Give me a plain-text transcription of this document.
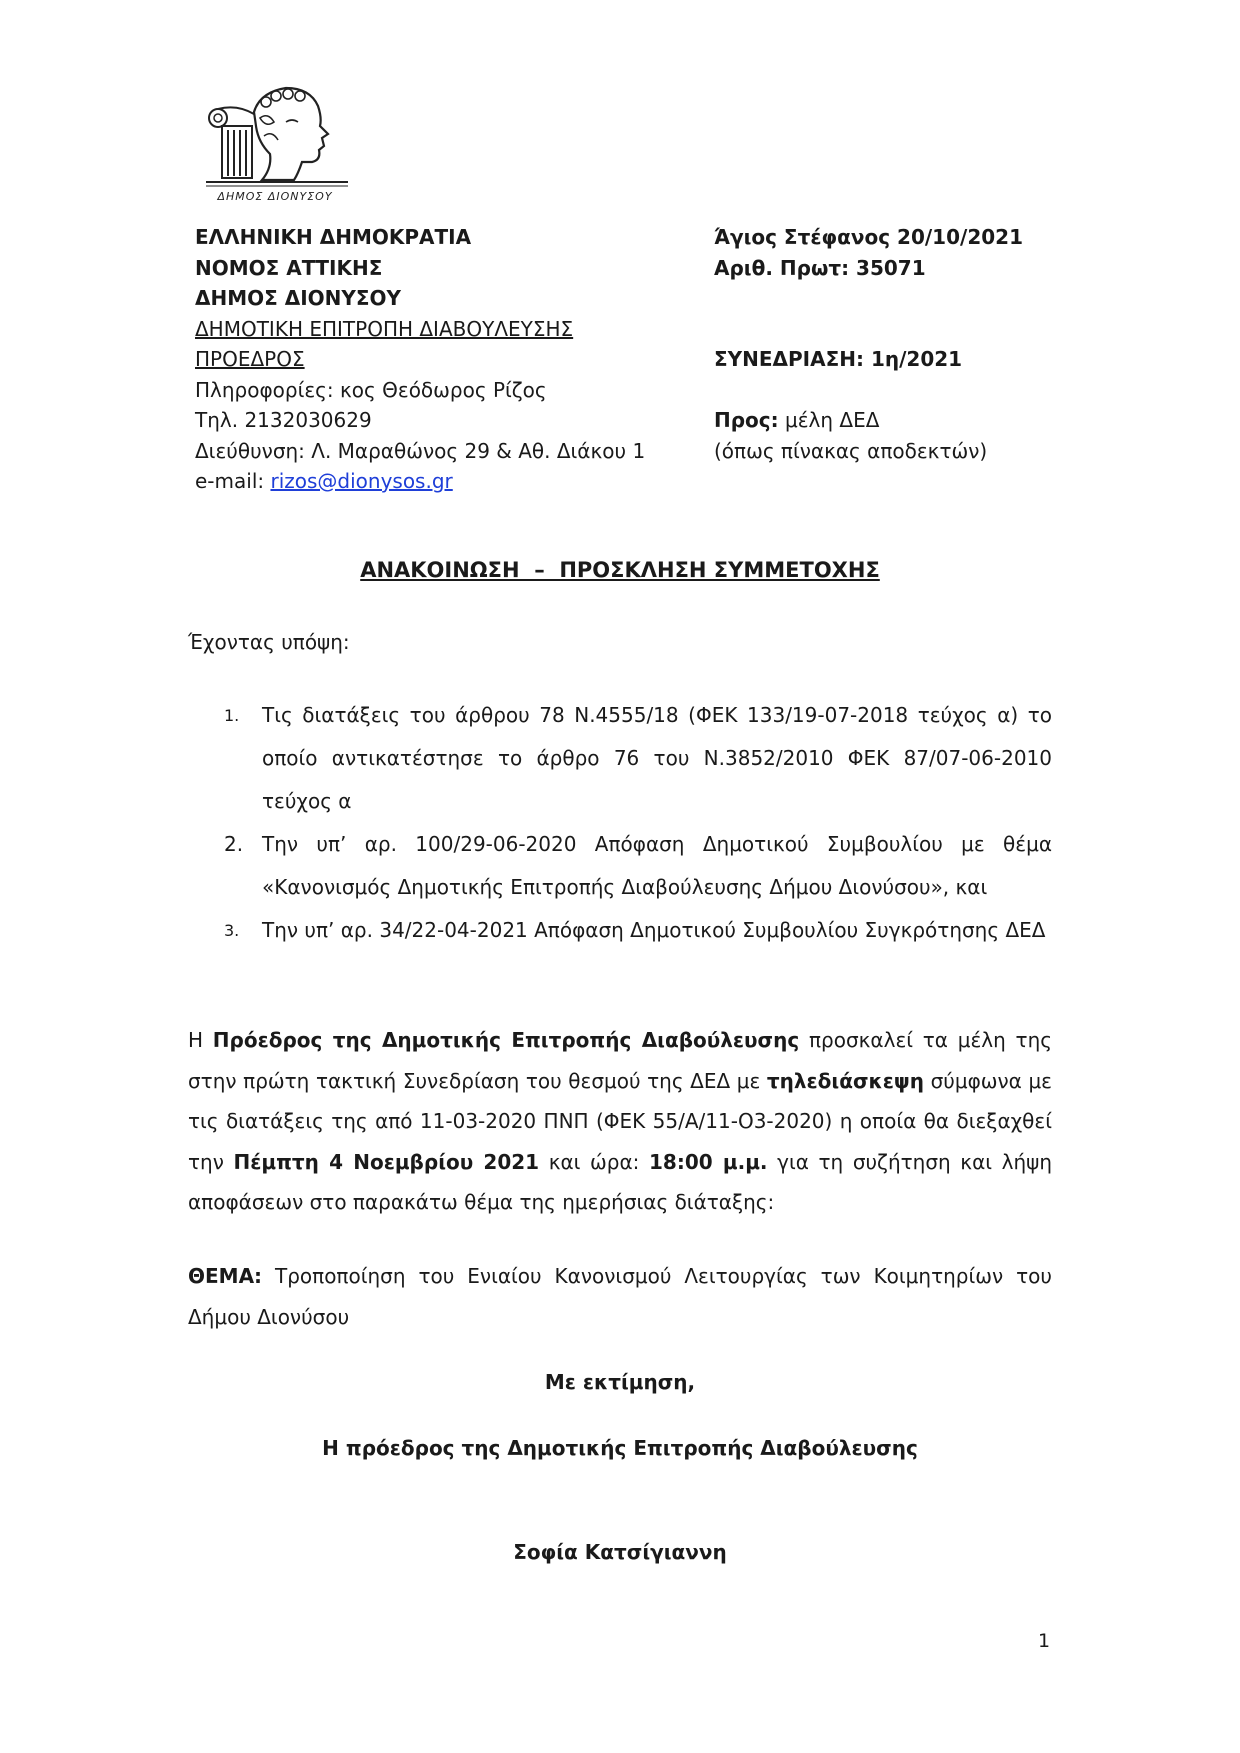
ΔΗΜΟΣ ΔΙΟΝΥΣΟΥ
ΕΛΛΗΝΙΚΗ ΔΗΜΟΚΡΑΤΙΑ
ΝΟΜΟΣ ΑΤΤΙΚΗΣ
ΔΗΜΟΣ ΔΙΟΝΥΣΟΥ
ΔΗΜΟΤΙΚΗ ΕΠΙΤΡΟΠΗ ΔΙΑΒΟΥΛΕΥΣΗΣ
ΠΡΟΕΔΡΟΣ
Πληροφορίες: κος Θεόδωρος Ρίζος
Τηλ. 2132030629
Διεύθυνση: Λ. Μαραθώνος 29 & Αθ. Διάκου 1
e-mail: rizos@dionysos.gr
Άγιος Στέφανος 20/10/2021
Αριθ. Πρωτ: 35071

ΣΥΝΕΔΡΙΑΣΗ: 1η/2021

Προς: μέλη ΔΕΔ
(όπως πίνακας αποδεκτών)
ΑΝΑΚΟΙΝΩΣΗ  –  ΠΡΟΣΚΛΗΣΗ ΣΥΜΜΕΤΟΧΗΣ
Έχοντας υπόψη:
1. Τις διατάξεις του άρθρου 78 Ν.4555/18 (ΦΕΚ 133/19-07-2018 τεύχος α) το οποίο αντικατέστησε το άρθρο 76 του Ν.3852/2010 ΦΕΚ 87/07-06-2010 τεύχος α
2. Την υπ’ αρ. 100/29-06-2020 Απόφαση Δημοτικού Συμβουλίου με θέμα «Κανονισμός Δημοτικής Επιτροπής Διαβούλευσης Δήμου Διονύσου», και
3. Την υπ’ αρ. 34/22-04-2021 Απόφαση Δημοτικού Συμβουλίου Συγκρότησης ΔΕΔ
Η Πρόεδρος της Δημοτικής Επιτροπής Διαβούλευσης προσκαλεί τα μέλη της στην πρώτη τακτική Συνεδρίαση του θεσμού της ΔΕΔ με τηλεδιάσκεψη σύμφωνα με τις διατάξεις της από 11-03-2020 ΠΝΠ (ΦΕΚ 55/Α/11-Ο3-2020) η οποία θα διεξαχθεί την Πέμπτη 4 Νοεμβρίου 2021 και ώρα: 18:00 μ.μ. για τη συζήτηση και λήψη αποφάσεων στο παρακάτω θέμα της ημερήσιας διάταξης:
ΘΕΜΑ: Τροποποίηση του Ενιαίου Κανονισμού Λειτουργίας των Κοιμητηρίων του Δήμου Διονύσου
Με εκτίμηση,
Η πρόεδρος της Δημοτικής Επιτροπής Διαβούλευσης
Σοφία Κατσίγιαννη
1
